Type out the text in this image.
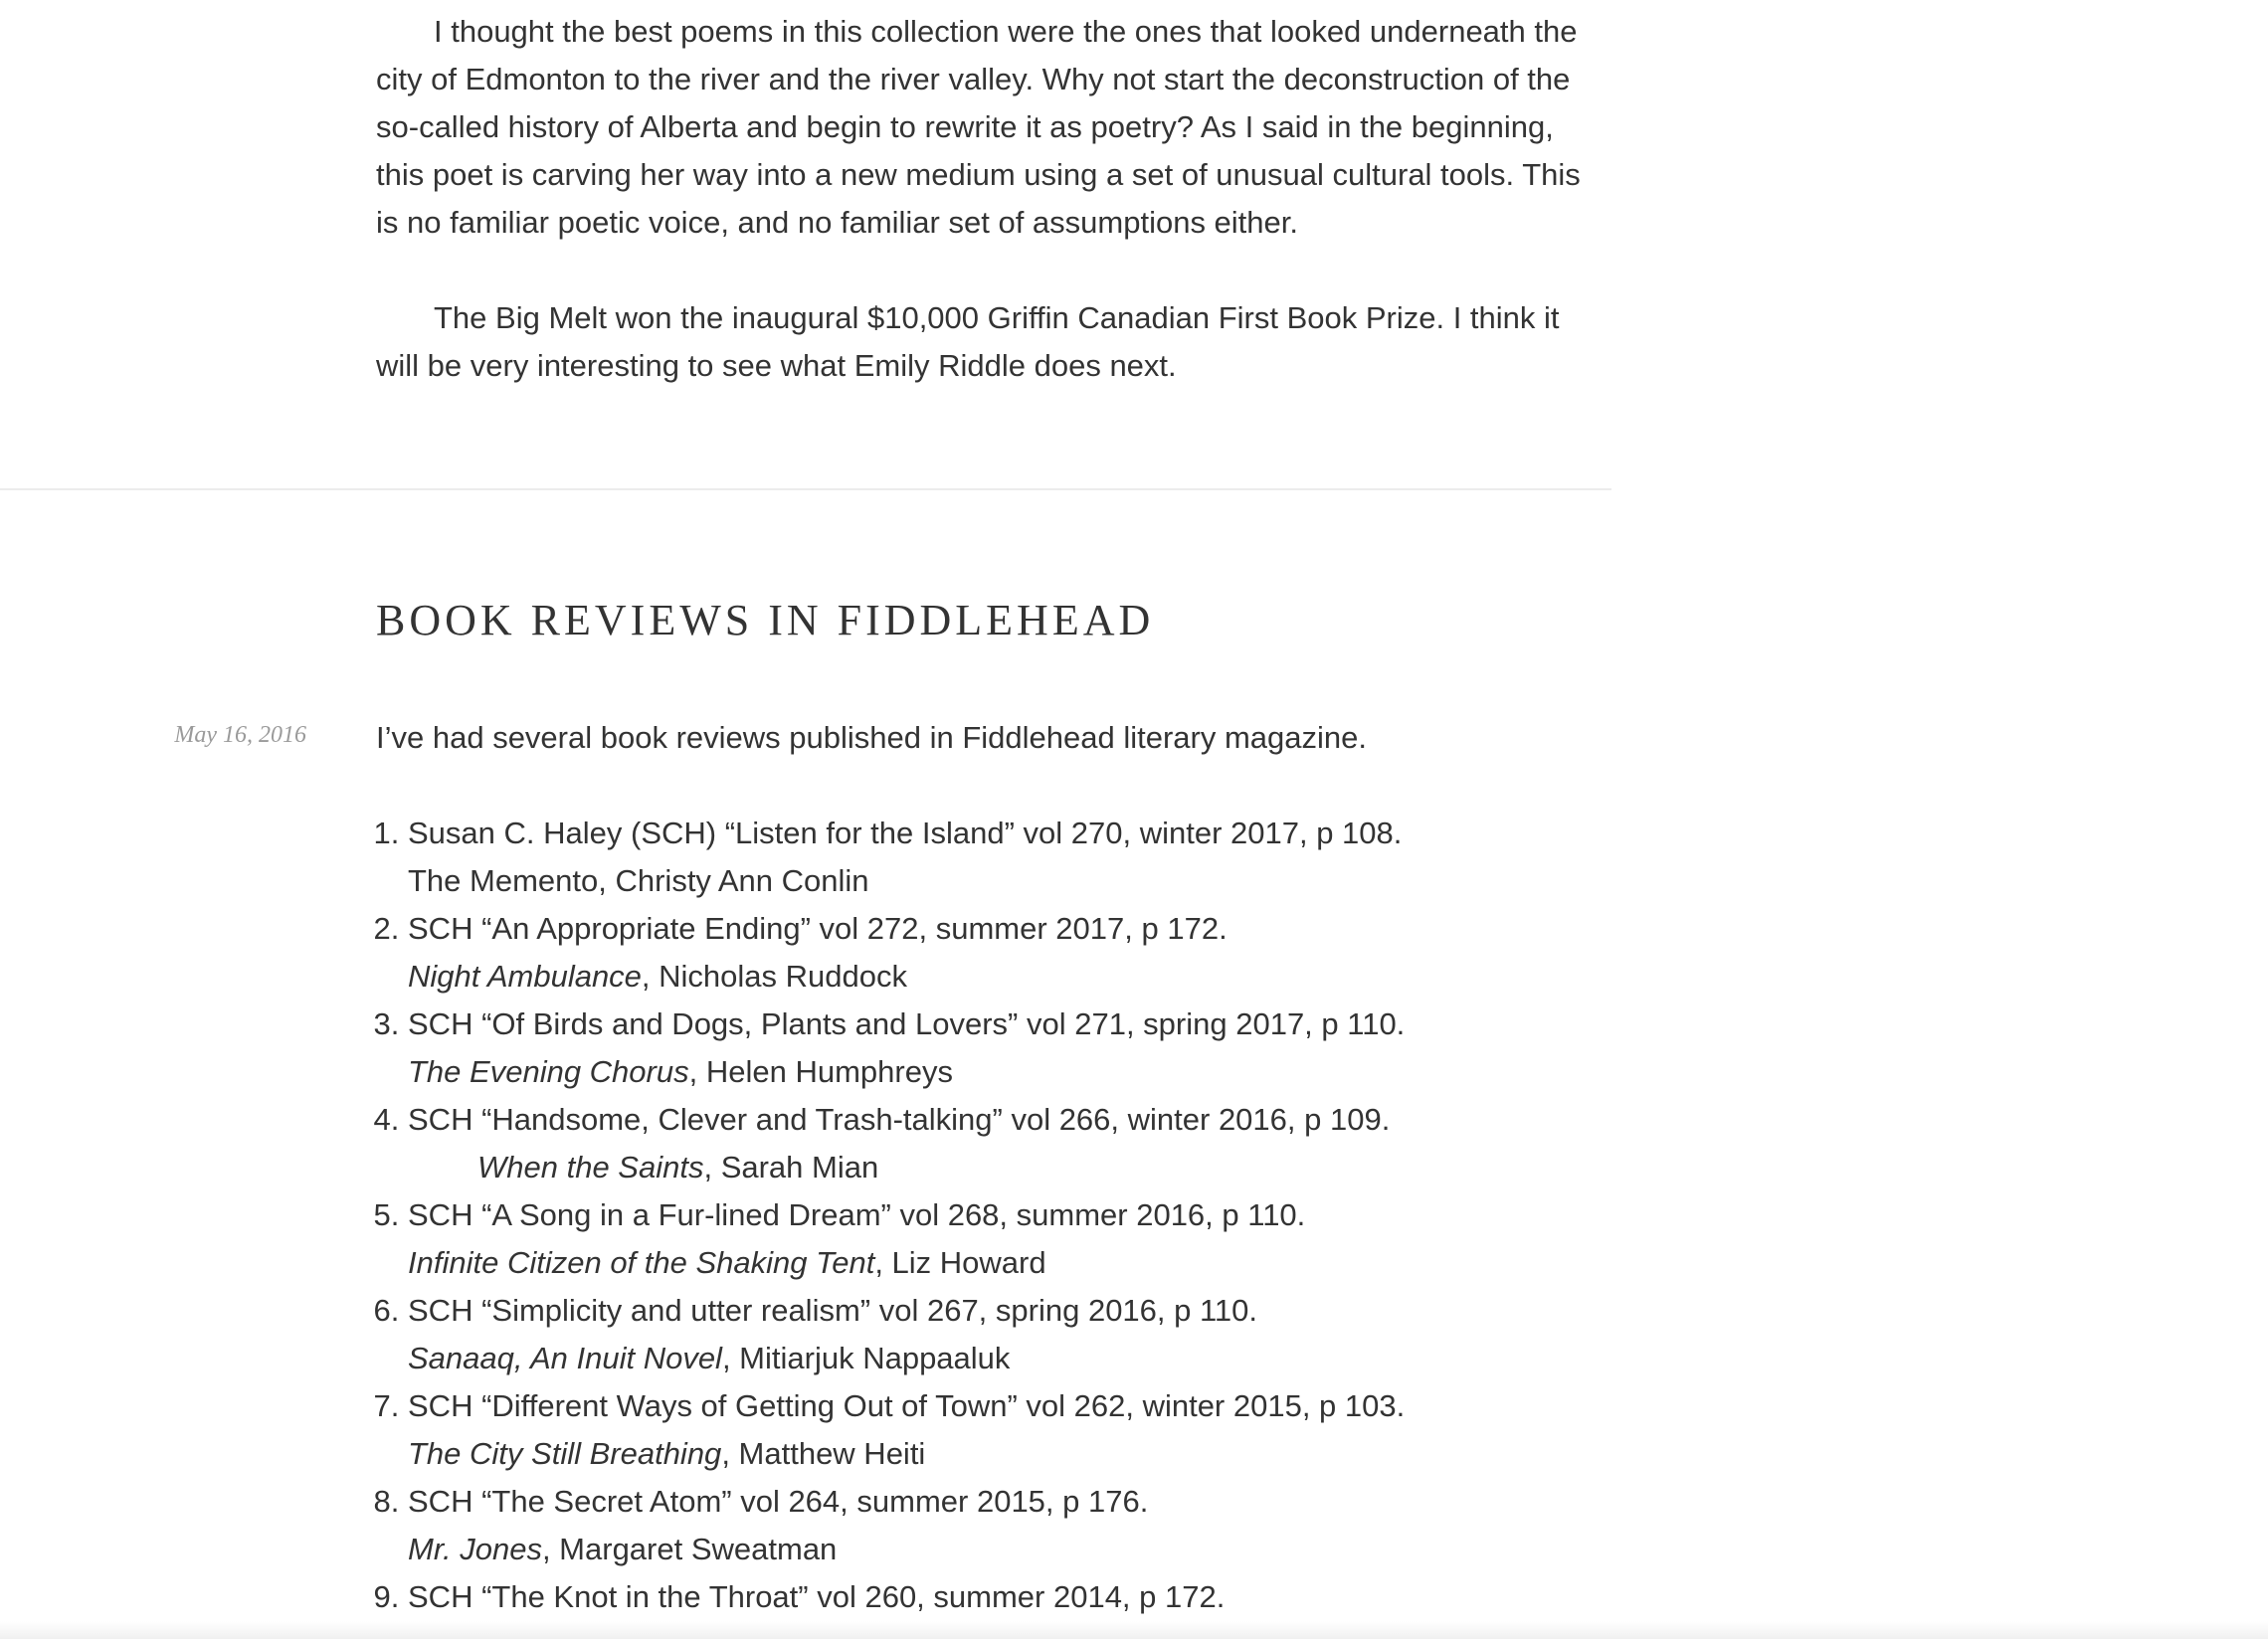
I thought the best poems in this collection were the ones that looked underneath the city of Edmonton to the river and the river valley. Why not start the deconstruction of the so-called history of Alberta and begin to rewrite it as poetry? As I said in the beginning, this poet is carving her way into a new medium using a set of unusual cultural tools. This is no familiar poetic voice, and no familiar set of assumptions either.

The Big Melt won the inaugural $10,000 Griffin Canadian First Book Prize. I think it will be very interesting to see what Emily Riddle does next.

BOOK REVIEWS IN FIDDLEHEAD
May 16, 2016 I’ve had several book reviews published in Fiddlehead literary magazine.

1. Susan C. Haley (SCH) “Listen for the Island” vol 270, winter 2017, p 108.
The Memento, Christy Ann Conlin
2. SCH “An Appropriate Ending” vol 272, summer 2017, p 172.
Night Ambulance, Nicholas Ruddock
3. SCH “Of Birds and Dogs, Plants and Lovers” vol 271, spring 2017, p 110.
The Evening Chorus, Helen Humphreys
4. SCH “Handsome, Clever and Trash-talking” vol 266, winter 2016, p 109.
When the Saints, Sarah Mian
5. SCH “A Song in a Fur-lined Dream” vol 268, summer 2016, p 110.
Infinite Citizen of the Shaking Tent, Liz Howard
6. SCH “Simplicity and utter realism” vol 267, spring 2016, p 110.
Sanaaq, An Inuit Novel, Mitiarjuk Nappaaluk
7. SCH “Different Ways of Getting Out of Town” vol 262, winter 2015, p 103.
The City Still Breathing, Matthew Heiti
8. SCH “The Secret Atom” vol 264, summer 2015, p 176.
Mr. Jones, Margaret Sweatman
9. SCH “The Knot in the Throat” vol 260, summer 2014, p 172.
